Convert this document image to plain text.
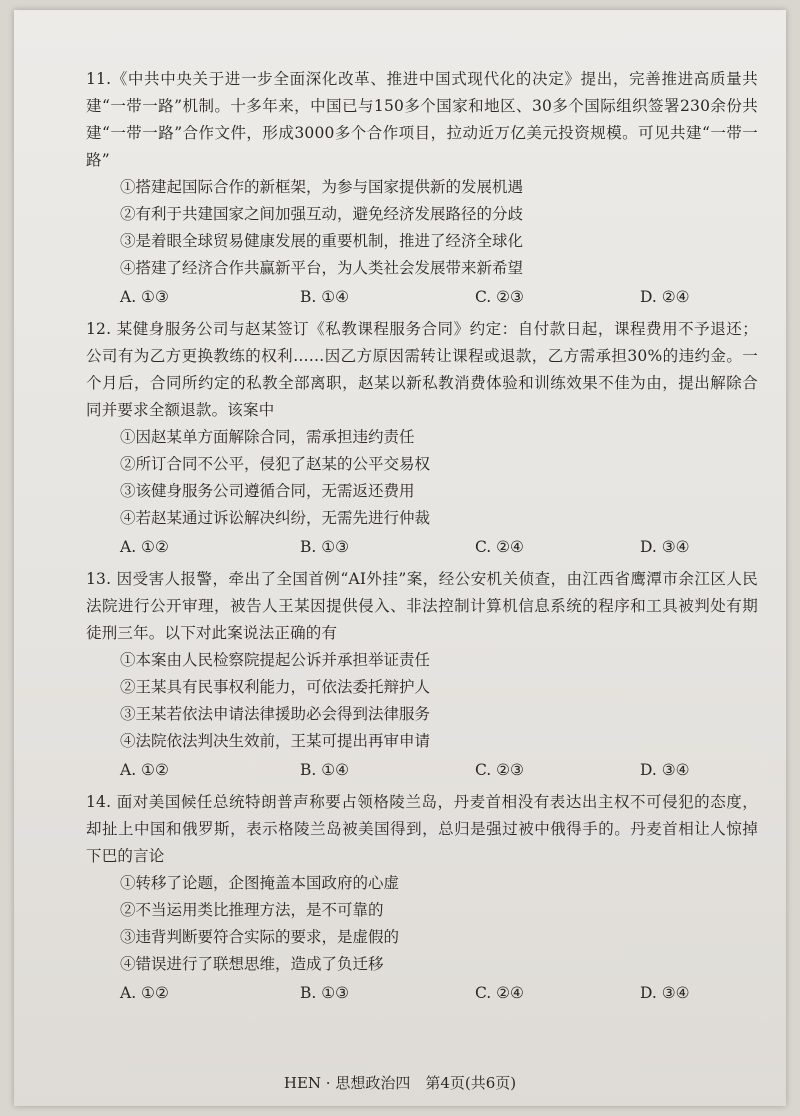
11.《中共中央关于进一步全面深化改革、推进中国式现代化的决定》提出，完善推进高质量共建“一带一路”机制。十多年来，中国已与150多个国家和地区、30多个国际组织签署230余份共建“一带一路”合作文件，形成3000多个合作项目，拉动近万亿美元投资规模。可见共建“一带一路”

①搭建起国际合作的新框架，为参与国家提供新的发展机遇

②有利于共建国家之间加强互动，避免经济发展路径的分歧

③是着眼全球贸易健康发展的重要机制，推进了经济全球化

④搭建了经济合作共赢新平台，为人类社会发展带来新希望

A. ①③	B. ①④	C. ②③	D. ②④

12. 某健身服务公司与赵某签订《私教课程服务合同》约定：自付款日起，课程费用不予退还；公司有为乙方更换教练的权利……因乙方原因需转让课程或退款，乙方需承担30%的违约金。一个月后，合同所约定的私教全部离职，赵某以新私教消费体验和训练效果不佳为由，提出解除合同并要求全额退款。该案中

①因赵某单方面解除合同，需承担违约责任

②所订合同不公平，侵犯了赵某的公平交易权

③该健身服务公司遵循合同，无需返还费用

④若赵某通过诉讼解决纠纷，无需先进行仲裁

A. ①②	B. ①③	C. ②④	D. ③④

13. 因受害人报警，牵出了全国首例“AI外挂”案，经公安机关侦查，由江西省鹰潭市余江区人民法院进行公开审理，被告人王某因提供侵入、非法控制计算机信息系统的程序和工具被判处有期徒刑三年。以下对此案说法正确的有

①本案由人民检察院提起公诉并承担举证责任

②王某具有民事权利能力，可依法委托辩护人

③王某若依法申请法律援助必会得到法律服务

④法院依法判决生效前，王某可提出再审申请

A. ①②	B. ①④	C. ②③	D. ③④

14. 面对美国候任总统特朗普声称要占领格陵兰岛，丹麦首相没有表达出主权不可侵犯的态度，却扯上中国和俄罗斯，表示格陵兰岛被美国得到，总归是强过被中俄得手的。丹麦首相让人惊掉下巴的言论

①转移了论题，企图掩盖本国政府的心虚

②不当运用类比推理方法，是不可靠的

③违背判断要符合实际的要求，是虚假的

④错误进行了联想思维，造成了负迁移

A. ①②	B. ①③	C. ②④	D. ③④
HEN · 思想政治四　第4页(共6页)
